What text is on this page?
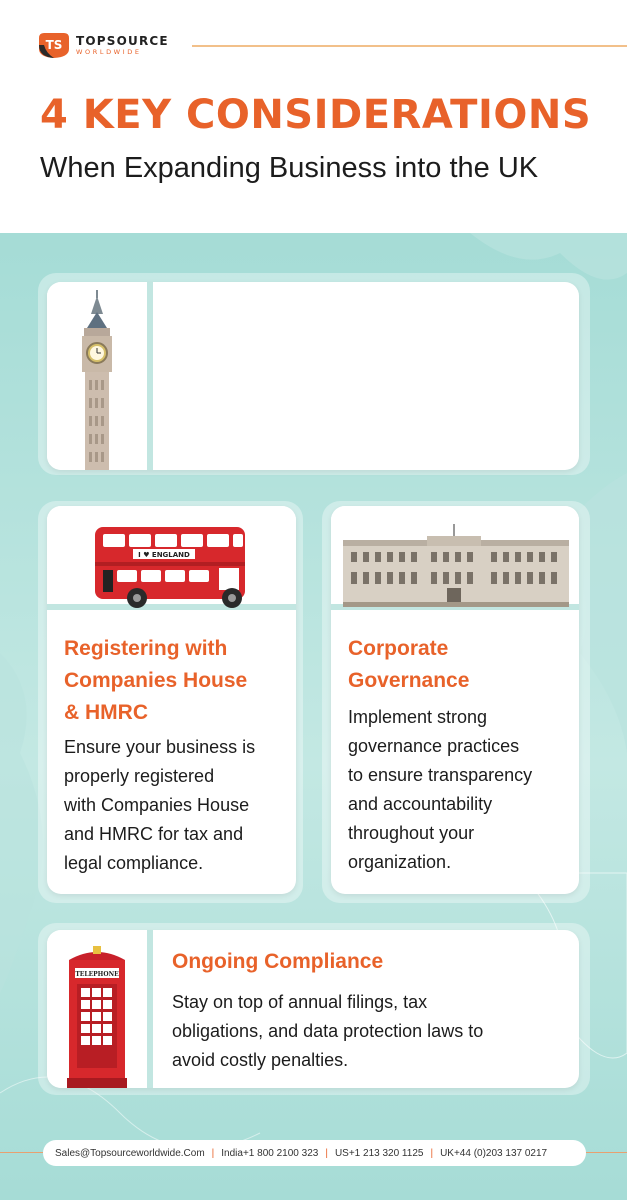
TS TOPSOURCE
WORLDWIDE
4 KEY CONSIDERATIONS
When Expanding Business into the UK
I ♥ ENGLAND
Registering with
Companies House
& HMRC
Ensure your business is
properly registered
with Companies House
and HMRC for tax and
legal compliance.
Corporate
Governance
Implement strong
governance practices
to ensure transparency
and accountability
throughout your
organization.
TELEPHONE
Ongoing Compliance
Stay on top of annual filings, tax
obligations, and data protection laws to
avoid costly penalties.
Sales@Topsourceworldwide.Com | India+1 800 2100 323 | US+1 213 320 1125 | UK+44 (0)203 137 0217
